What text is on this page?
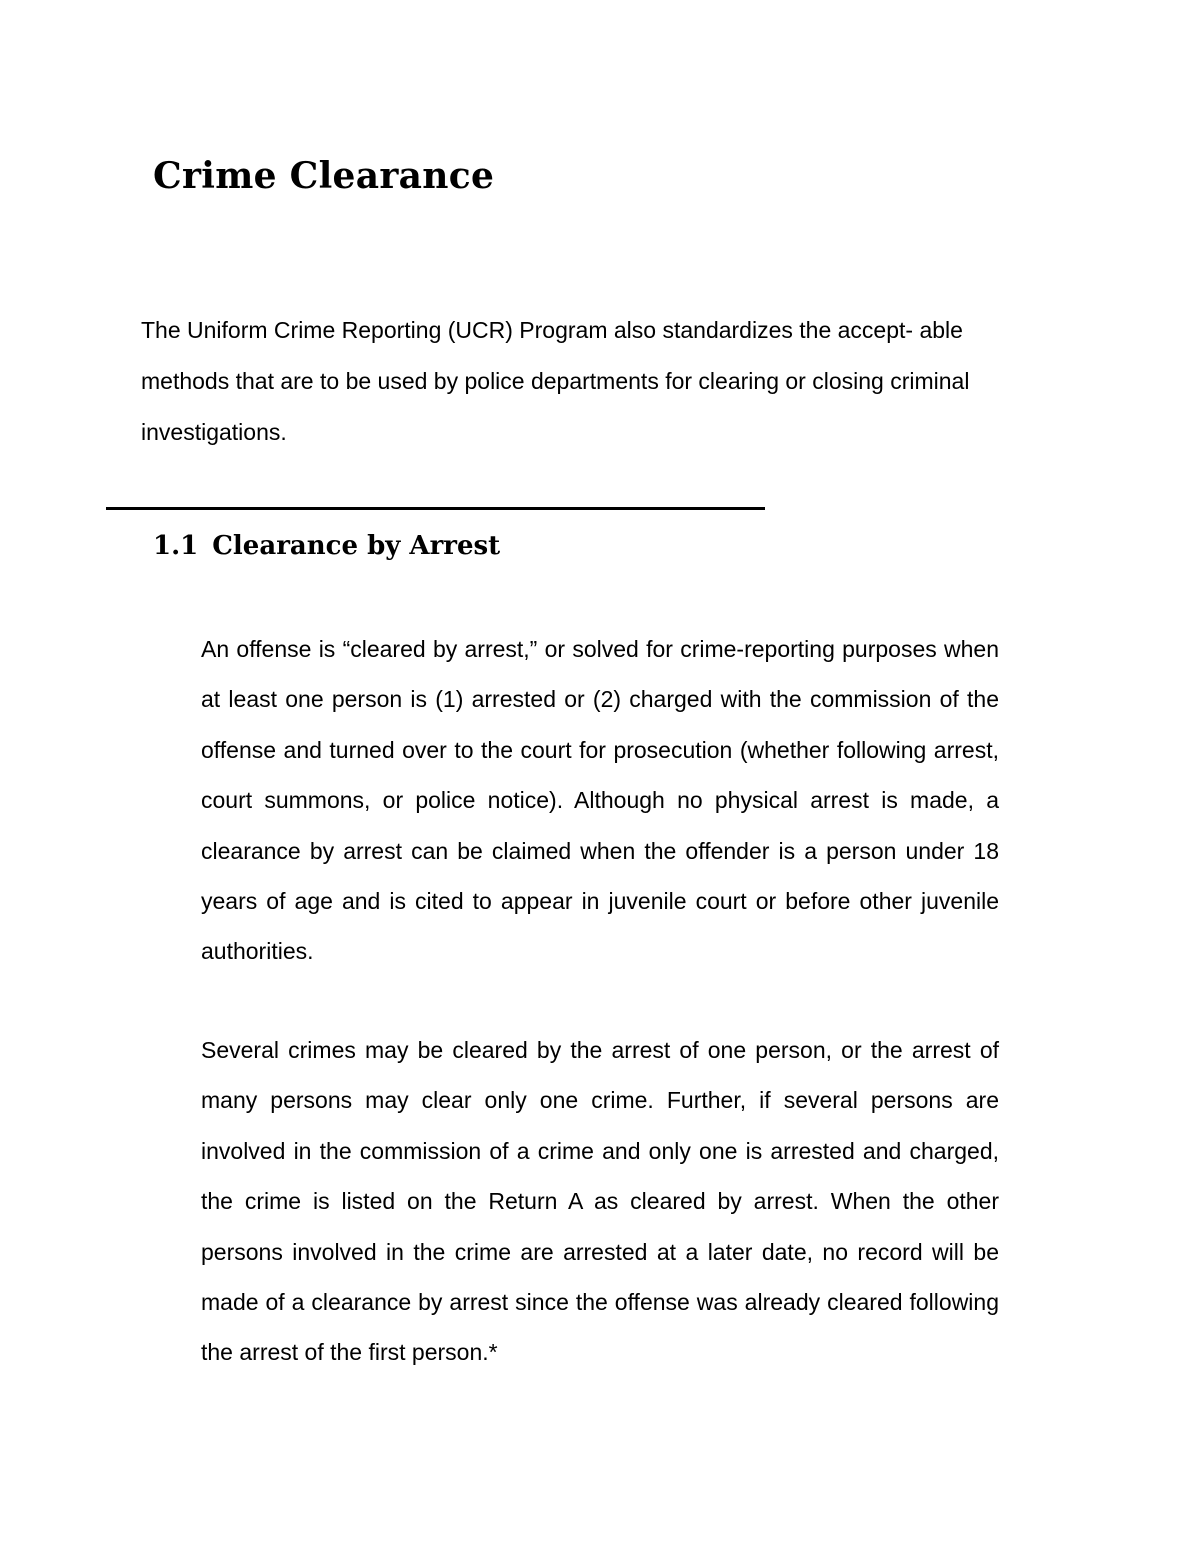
Crime Clearance

The Uniform Crime Reporting (UCR) Program also standardizes the accept- able methods that are to be used by police departments for clearing or closing criminal investigations.

1.1 Clearance by Arrest

An offense is “cleared by arrest,” or solved for crime-reporting purposes when at least one person is (1) arrested or (2) charged with the commission of the offense and turned over to the court for prosecution (whether following arrest, court summons, or police notice). Although no physical arrest is made, a clearance by arrest can be claimed when the offender is a person under 18 years of age and is cited to appear in juvenile court or before other juvenile authorities.

Several crimes may be cleared by the arrest of one person, or the arrest of many persons may clear only one crime. Further, if several persons are involved in the commission of a crime and only one is arrested and charged, the crime is listed on the Return A as cleared by arrest. When the other persons involved in the crime are arrested at a later date, no record will be made of a clearance by arrest since the offense was already cleared following the arrest of the first person.*
